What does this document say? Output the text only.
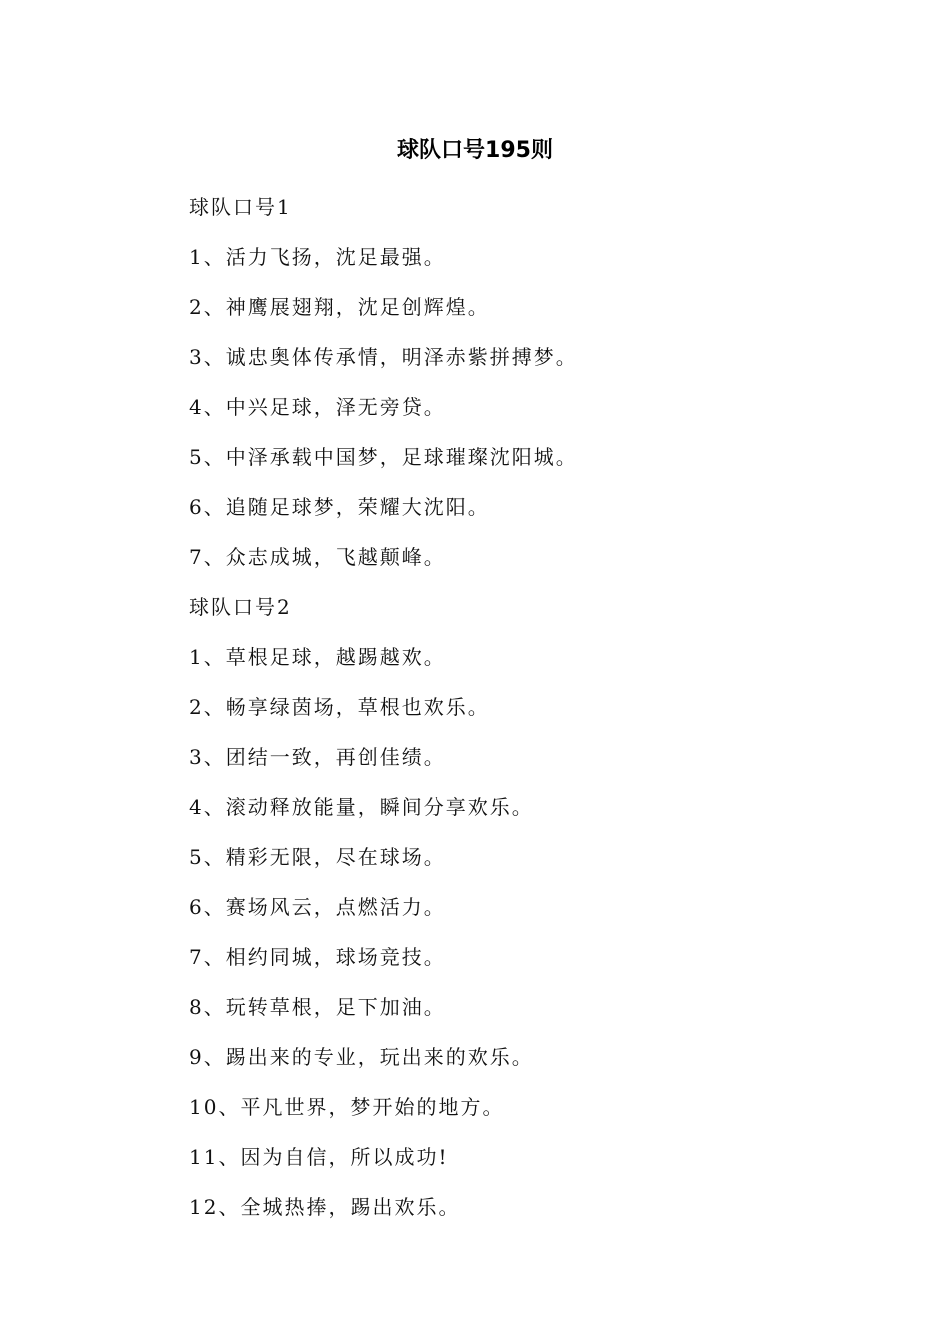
球队口号195则

球队口号1

1、活力飞扬，沈足最强。

2、神鹰展翅翔，沈足创辉煌。

3、诚忠奥体传承情，明泽赤紫拼搏梦。

4、中兴足球，泽无旁贷。

5、中泽承载中国梦，足球璀璨沈阳城。

6、追随足球梦，荣耀大沈阳。

7、众志成城，飞越颠峰。

球队口号2

1、草根足球，越踢越欢。

2、畅享绿茵场，草根也欢乐。

3、团结一致，再创佳绩。

4、滚动释放能量，瞬间分享欢乐。

5、精彩无限，尽在球场。

6、赛场风云，点燃活力。

7、相约同城，球场竞技。

8、玩转草根，足下加油。

9、踢出来的专业，玩出来的欢乐。

10、平凡世界，梦开始的地方。

11、因为自信，所以成功!

12、全城热捧，踢出欢乐。
